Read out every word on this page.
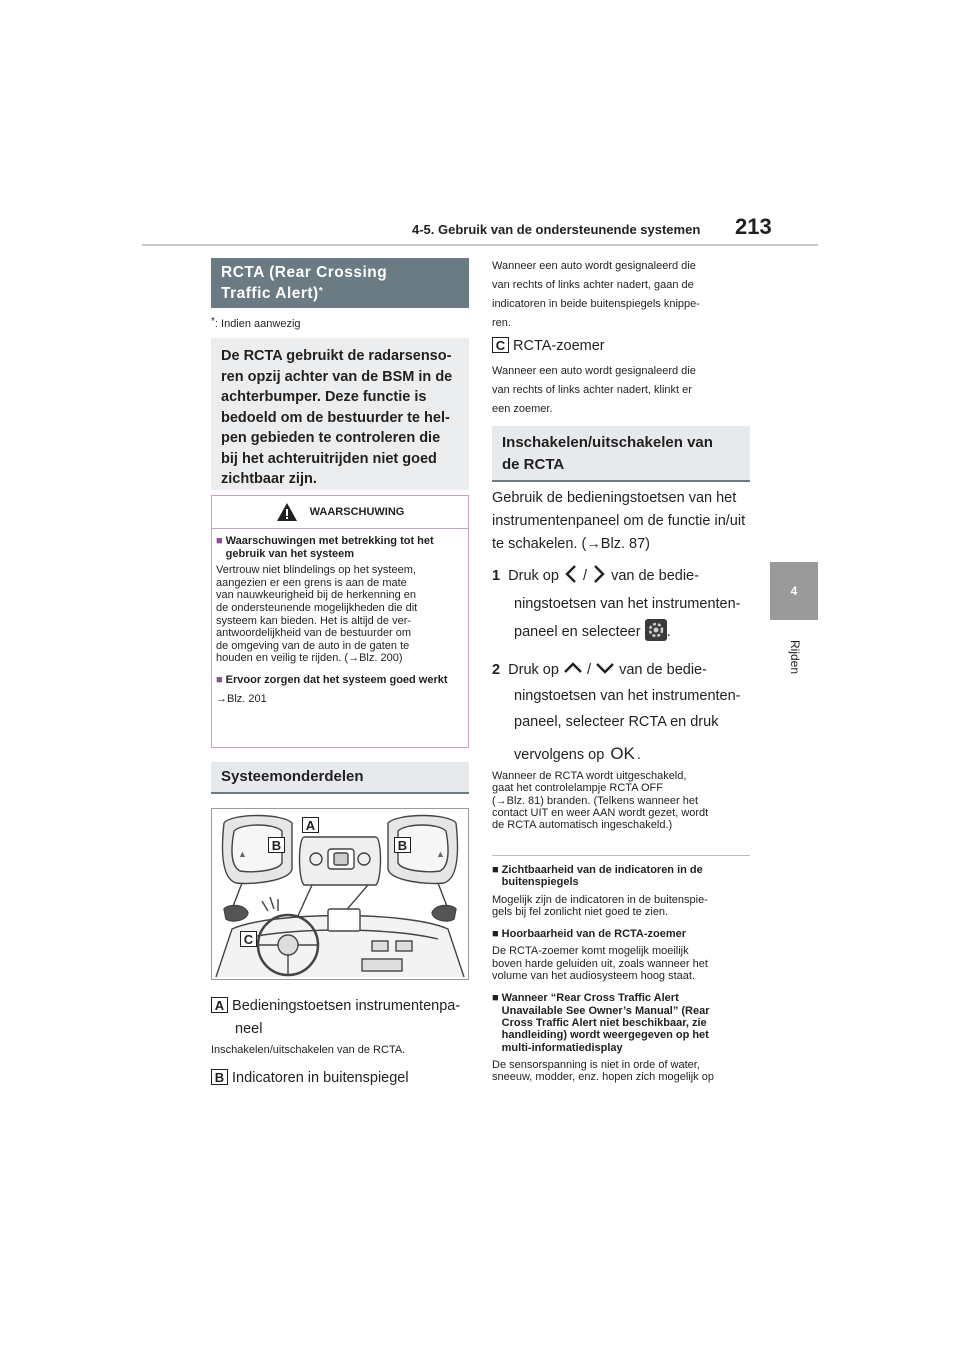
4-5. Gebruik van de ondersteunende systemen 213
4
Rijden
RCTA (Rear Crossing
Traffic Alert)*
*: Indien aanwezig
De RCTA gebruikt de radarsenso-
ren opzij achter van de BSM in de
achterbumper. Deze functie is
bedoeld om de bestuurder te hel-
pen gebieden te controleren die
bij het achteruitrijden niet goed
zichtbaar zijn.
WAARSCHUWING
■ Waarschuwingen met betrekking tot het gebruik van het systeem
Vertrouw niet blindelings op het systeem,
aangezien er een grens is aan de mate
van nauwkeurigheid bij de herkenning en
de ondersteunende mogelijkheden die dit
systeem kan bieden. Het is altijd de ver-
antwoordelijkheid van de bestuurder om
de omgeving van de auto in de gaten te
houden en veilig te rijden. (→Blz. 200)
■ Ervoor zorgen dat het systeem goed werkt
→Blz. 201
Systeemonderdelen
▲	▲
A
B	B
C
A Bedieningstoetsen instrumentenpa-
neel
Inschakelen/uitschakelen van de RCTA.
B Indicatoren in buitenspiegel
Wanneer een auto wordt gesignaleerd die
van rechts of links achter nadert, gaan de
indicatoren in beide buitenspiegels knippe-
ren.
C RCTA-zoemer
Wanneer een auto wordt gesignaleerd die
van rechts of links achter nadert, klinkt er
een zoemer.
Inschakelen/uitschakelen van
de RCTA
Gebruik de bedieningstoetsen van het
instrumentenpaneel om de functie in/uit
te schakelen. (→Blz. 87)
1 Druk op / van de bedie-
ningstoetsen van het instrumenten-
paneel en selecteer .
2 Druk op / van de bedie-
ningstoetsen van het instrumenten-
paneel, selecteer RCTA en druk
vervolgens op OK .
Wanneer de RCTA wordt uitgeschakeld,
gaat het controlelampje RCTA OFF
(→Blz. 81) branden. (Telkens wanneer het
contact UIT en weer AAN wordt gezet, wordt
de RCTA automatisch ingeschakeld.)
■ Zichtbaarheid van de indicatoren in de
buitenspiegels
Mogelijk zijn de indicatoren in de buitenspie-
gels bij fel zonlicht niet goed te zien.
■ Hoorbaarheid van de RCTA-zoemer
De RCTA-zoemer komt mogelijk moeilijk
boven harde geluiden uit, zoals wanneer het
volume van het audiosysteem hoog staat.
■ Wanneer “Rear Cross Traffic Alert
Unavailable See Owner’s Manual” (Rear
Cross Traffic Alert niet beschikbaar, zie
handleiding) wordt weergegeven op het
multi-informatiedisplay
De sensorspanning is niet in orde of water,
sneeuw, modder, enz. hopen zich mogelijk op
